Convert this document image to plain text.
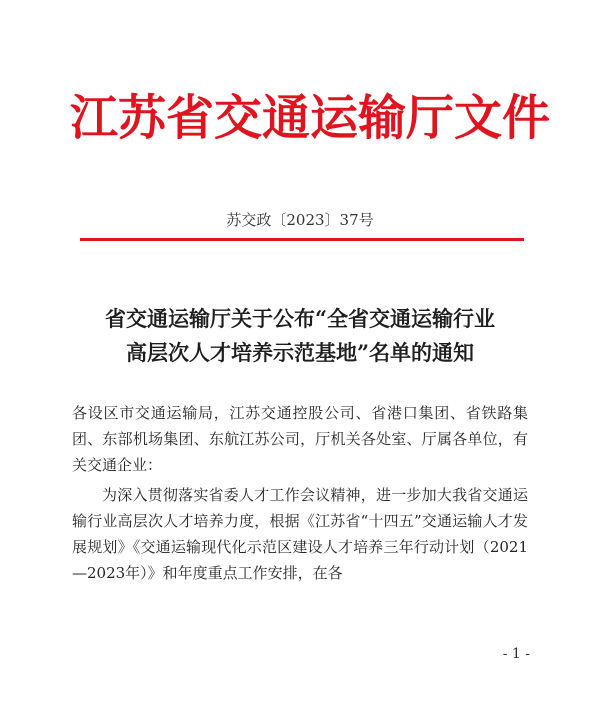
江苏省交通运输厅文件
苏交政〔2023〕37号
省交通运输厅关于公布“全省交通运输行业
高层次人才培养示范基地”名单的通知

各设区市交通运输局，江苏交通控股公司、省港口集团、省铁路集团、东部机场集团、东航江苏公司，厅机关各处室、厅属各单位，有关交通企业：

为深入贯彻落实省委人才工作会议精神，进一步加大我省交通运输行业高层次人才培养力度，根据《江苏省“十四五”交通运输人才发展规划》《交通运输现代化示范区建设人才培养三年行动计划（2021—2023年）》和年度重点工作安排，在各

- 1 -
